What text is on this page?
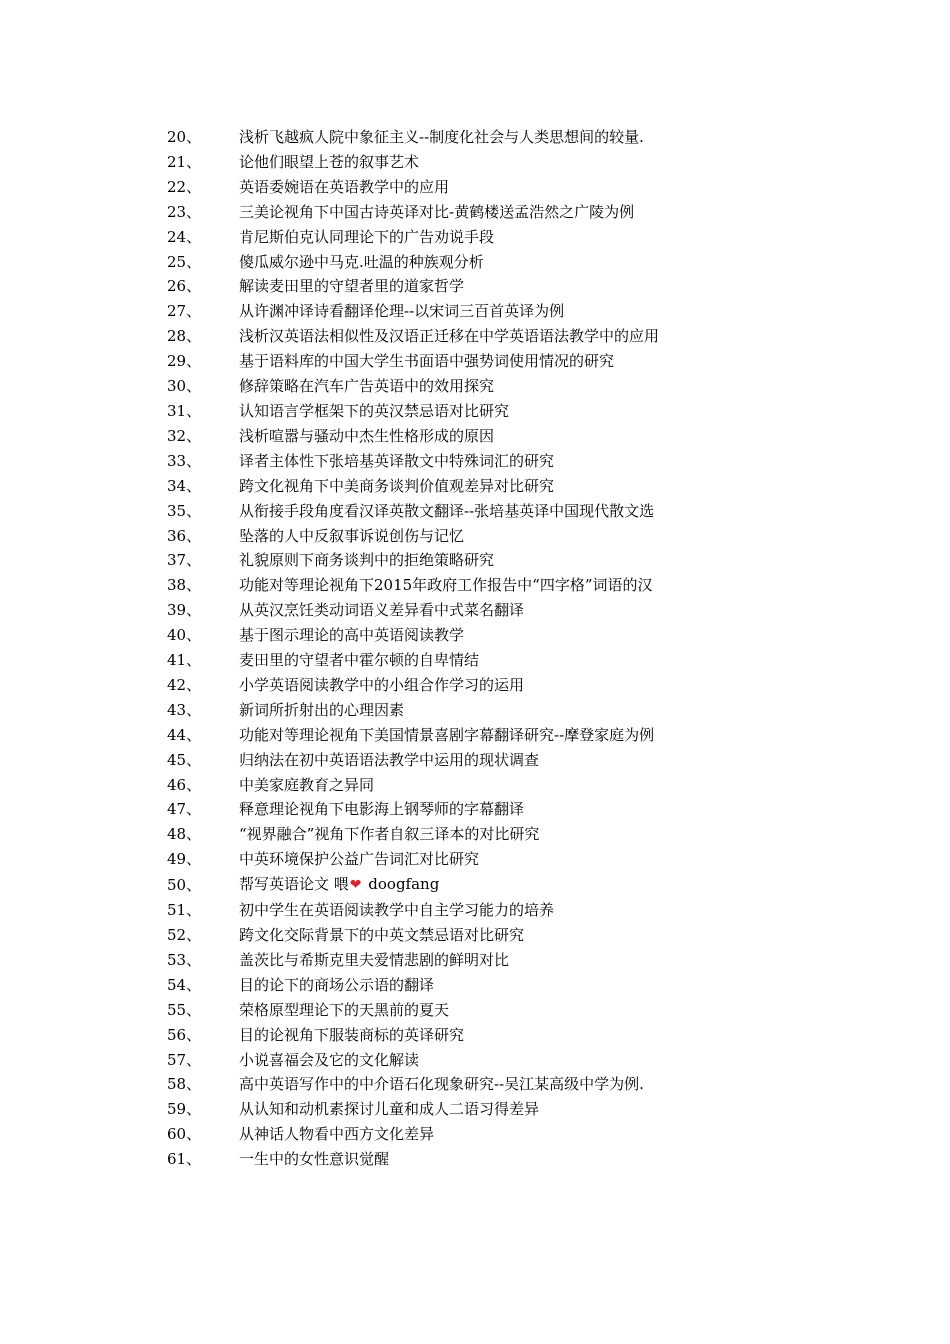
20、	浅析飞越疯人院中象征主义--制度化社会与人类思想间的较量.
21、	论他们眼望上苍的叙事艺术
22、	英语委婉语在英语教学中的应用
23、	三美论视角下中国古诗英译对比-黄鹤楼送孟浩然之广陵为例
24、	肯尼斯伯克认同理论下的广告劝说手段
25、	傻瓜威尔逊中马克.吐温的种族观分析
26、	解读麦田里的守望者里的道家哲学
27、	从许渊冲译诗看翻译伦理--以宋词三百首英译为例
28、	浅析汉英语法相似性及汉语正迁移在中学英语语法教学中的应用
29、	基于语料库的中国大学生书面语中强势词使用情况的研究
30、	修辞策略在汽车广告英语中的效用探究
31、	认知语言学框架下的英汉禁忌语对比研究
32、	浅析喧嚣与骚动中杰生性格形成的原因
33、	译者主体性下张培基英译散文中特殊词汇的研究
34、	跨文化视角下中美商务谈判价值观差异对比研究
35、	从衔接手段角度看汉译英散文翻译--张培基英译中国现代散文选
36、	坠落的人中反叙事诉说创伤与记忆
37、	礼貌原则下商务谈判中的拒绝策略研究
38、	功能对等理论视角下2015年政府工作报告中“四字格”词语的汉
39、	从英汉烹饪类动词语义差异看中式菜名翻译
40、	基于图示理论的高中英语阅读教学
41、	麦田里的守望者中霍尔顿的自卑情结
42、	小学英语阅读教学中的小组合作学习的运用
43、	新词所折射出的心理因素
44、	功能对等理论视角下美国情景喜剧字幕翻译研究--摩登家庭为例
45、	归纳法在初中英语语法教学中运用的现状调查
46、	中美家庭教育之异同
47、	释意理论视角下电影海上钢琴师的字幕翻译
48、	“视界融合”视角下作者自叙三译本的对比研究
49、	中英环境保护公益广告词汇对比研究
50、	帮写英语论文 喂❤ doogfang
51、	初中学生在英语阅读教学中自主学习能力的培养
52、	跨文化交际背景下的中英文禁忌语对比研究
53、	盖茨比与希斯克里夫爱情悲剧的鲜明对比
54、	目的论下的商场公示语的翻译
55、	荣格原型理论下的天黑前的夏天
56、	目的论视角下服装商标的英译研究
57、	小说喜福会及它的文化解读
58、	高中英语写作中的中介语石化现象研究--吴江某高级中学为例.
59、	从认知和动机素探讨儿童和成人二语习得差异
60、	从神话人物看中西方文化差异
61、	一生中的女性意识觉醒
